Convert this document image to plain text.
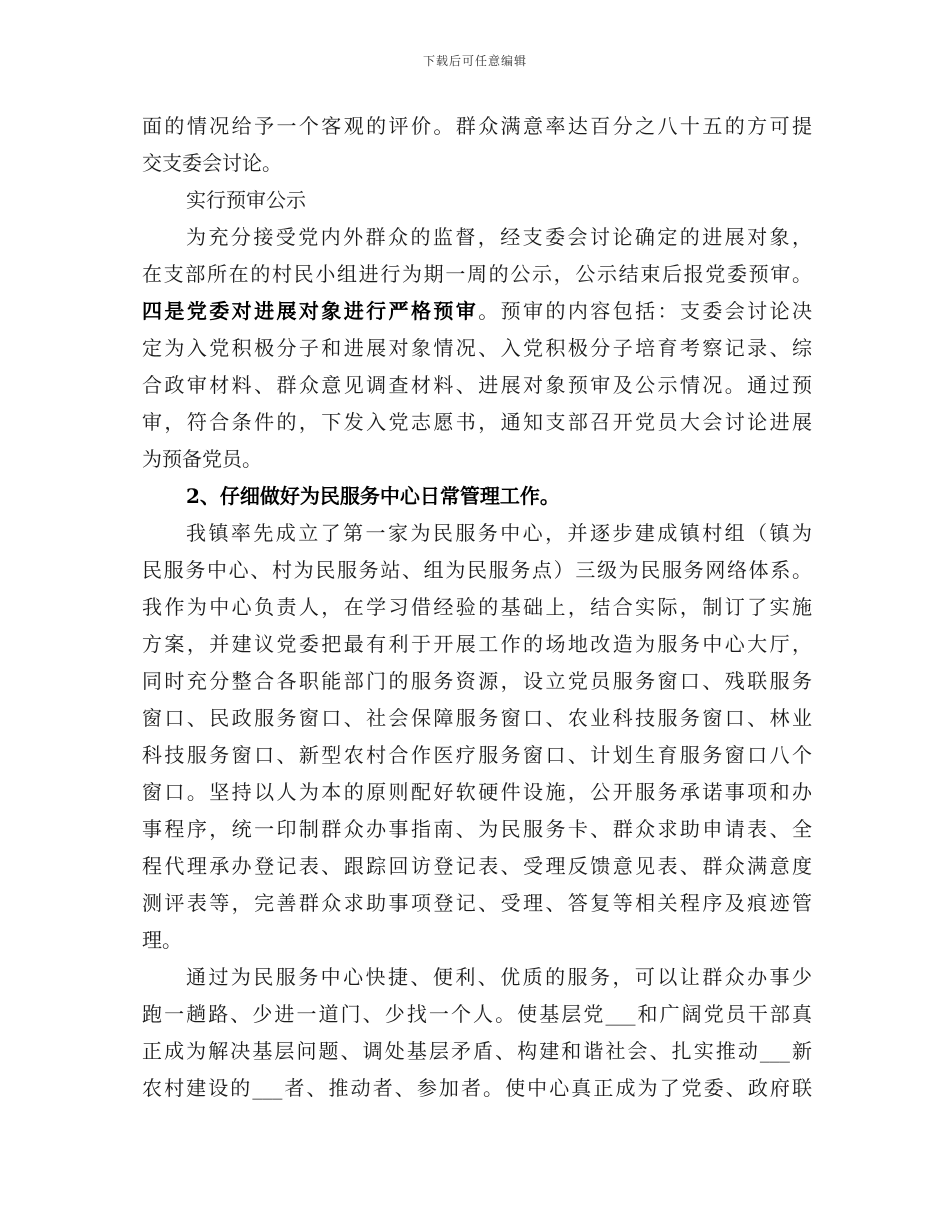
下载后可任意编辑
面的情况给予一个客观的评价。群众满意率达百分之八十五的方可提
交支委会讨论。
实行预审公示
为充分接受党内外群众的监督，经支委会讨论确定的进展对象，
在支部所在的村民小组进行为期一周的公示，公示结束后报党委预审。
四是党委对进展对象进行严格预审。预审的内容包括：支委会讨论决
定为入党积极分子和进展对象情况、入党积极分子培育考察记录、综
合政审材料、群众意见调查材料、进展对象预审及公示情况。通过预
审，符合条件的，下发入党志愿书，通知支部召开党员大会讨论进展
为预备党员。
2、仔细做好为民服务中心日常管理工作。
我镇率先成立了第一家为民服务中心，并逐步建成镇村组（镇为
民服务中心、村为民服务站、组为民服务点）三级为民服务网络体系。
我作为中心负责人，在学习借经验的基础上，结合实际，制订了实施
方案，并建议党委把最有利于开展工作的场地改造为服务中心大厅，
同时充分整合各职能部门的服务资源，设立党员服务窗口、残联服务
窗口、民政服务窗口、社会保障服务窗口、农业科技服务窗口、林业
科技服务窗口、新型农村合作医疗服务窗口、计划生育服务窗口八个
窗口。坚持以人为本的原则配好软硬件设施，公开服务承诺事项和办
事程序，统一印制群众办事指南、为民服务卡、群众求助申请表、全
程代理承办登记表、跟踪回访登记表、受理反馈意见表、群众满意度
测评表等，完善群众求助事项登记、受理、答复等相关程序及痕迹管
理。
通过为民服务中心快捷、便利、优质的服务，可以让群众办事少
跑一趟路、少进一道门、少找一个人。使基层党___和广阔党员干部真
正成为解决基层问题、调处基层矛盾、构建和谐社会、扎实推动___新
农村建设的___者、推动者、参加者。使中心真正成为了党委、政府联
